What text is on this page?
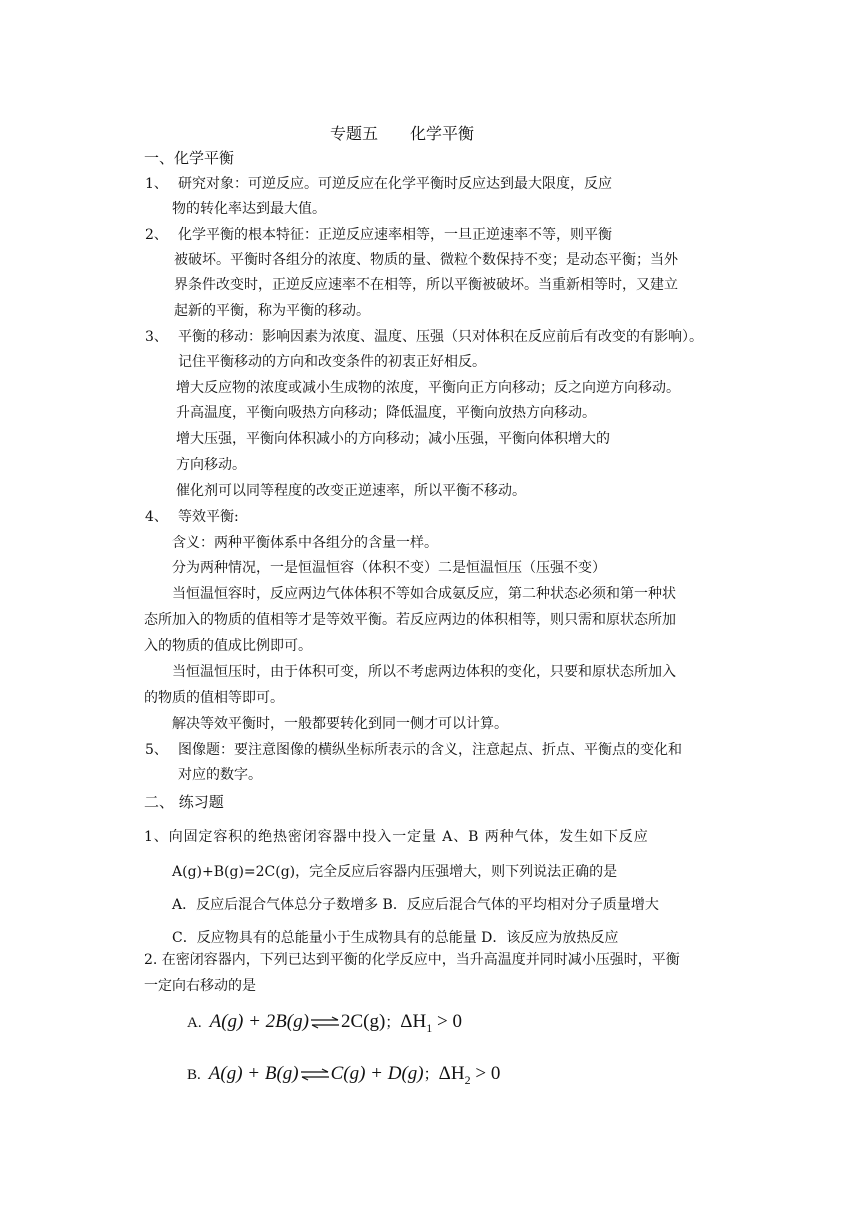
专题五　　化学平衡
一、化学平衡
1、 研究对象：可逆反应。可逆反应在化学平衡时反应达到最大限度，反应
物的转化率达到最大值。
2、 化学平衡的根本特征：正逆反应速率相等，一旦正逆速率不等，则平衡
被破坏。平衡时各组分的浓度、物质的量、微粒个数保持不变；是动态平衡；当外
界条件改变时，正逆反应速率不在相等，所以平衡被破坏。当重新相等时，又建立
起新的平衡，称为平衡的移动。
3、 平衡的移动：影响因素为浓度、温度、压强（只对体积在反应前后有改变的有影响）。
记住平衡移动的方向和改变条件的初衷正好相反。
增大反应物的浓度或减小生成物的浓度，平衡向正方向移动；反之向逆方向移动。
升高温度，平衡向吸热方向移动；降低温度，平衡向放热方向移动。
增大压强，平衡向体积减小的方向移动；减小压强，平衡向体积增大的
方向移动。
催化剂可以同等程度的改变正逆速率，所以平衡不移动。
4、 等效平衡:
含义：两种平衡体系中各组分的含量一样。
分为两种情况，一是恒温恒容（体积不变）二是恒温恒压（压强不变）
当恒温恒容时，反应两边气体体积不等如合成氨反应，第二种状态必须和第一种状
态所加入的物质的值相等才是等效平衡。若反应两边的体积相等，则只需和原状态所加
入的物质的值成比例即可。
当恒温恒压时，由于体积可变，所以不考虑两边体积的变化，只要和原状态所加入
的物质的值相等即可。
解决等效平衡时，一般都要转化到同一侧才可以计算。
5、 图像题：要注意图像的横纵坐标所表示的含义，注意起点、折点、平衡点的变化和
对应的数字。
二、 练习题
1、向固定容积的绝热密闭容器中投入一定量 A、B 两种气体，发生如下反应
A(g)+B(g)=2C(g)，完全反应后容器内压强增大，则下列说法正确的是
A．反应后混合气体总分子数增多 B．反应后混合气体的平均相对分子质量增大
C．反应物具有的总能量小于生成物具有的总能量 D．该反应为放热反应
2. 在密闭容器内，下列已达到平衡的化学反应中，当升高温度并同时减小压强时，平衡
一定向右移动的是
A. A(g) + 2B(g)⇌2C(g)；$\Delta H_1 > 0$
B. A(g) + B(g)⇌C(g) + D(g)；$\Delta H_2 > 0$
